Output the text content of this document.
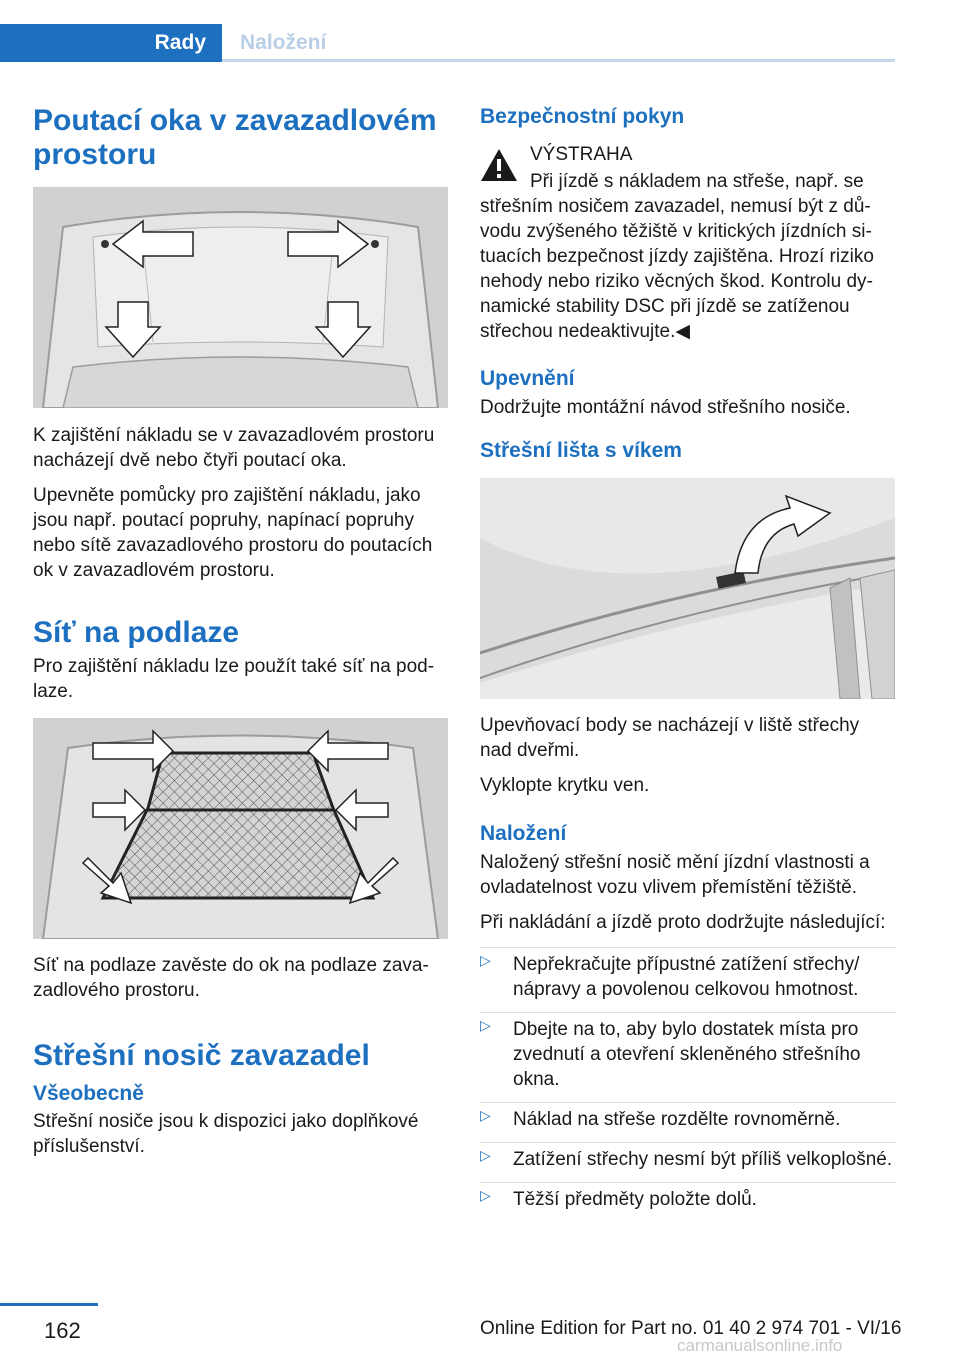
Rady	Naložení
Poutací oka v zavazadlovém prostoru

K zajištění nákladu se v zavazadlovém prostoru nacházejí dvě nebo čtyři poutací oka.

Upevněte pomůcky pro zajištění nákladu, jako jsou např. poutací popruhy, napínací popruhy nebo sítě zavazadlového prostoru do poutacích ok v zavazadlovém prostoru.

Síť na podlaze

Pro zajištění nákladu lze použít také síť na podlaze.

Síť na podlaze zavěste do ok na podlaze zavazadlového prostoru.

Střešní nosič zavazadel
Všeobecně

Střešní nosiče jsou k dispozici jako doplňkové příslušenství.

Bezpečnostní pokyn

VÝSTRAHA

Při jízdě s nákladem na střeše, např. se

střešním nosičem zavazadel, nemusí být z důvodu zvýšeného těžiště v kritických jízdních situacích bezpečnost jízdy zajištěna. Hrozí riziko nehody nebo riziko věcných škod. Kontrolu dynamické stability DSC při jízdě se zatíženou střechou nedeaktivujte.◀

Upevnění

Dodržujte montážní návod střešního nosiče.

Střešní lišta s víkem

Upevňovací body se nacházejí v liště střechy nad dveřmi.

Vyklopte krytku ven.

Naložení

Naložený střešní nosič mění jízdní vlastnosti a ovladatelnost vozu vlivem přemístění těžiště.

Při nakládání a jízdě proto dodržujte následující:

▷ Nepřekračujte přípustné zatížení střechy/ nápravy a povolenou celkovou hmotnost.
▷ Dbejte na to, aby bylo dostatek místa pro zvednutí a otevření skleněného střešního okna.
▷ Náklad na střeše rozdělte rovnoměrně.
▷ Zatížení střechy nesmí být příliš velkoplošné.
▷ Těžší předměty položte dolů.
162	Online Edition for Part no. 01 40 2 974 701 - VI/16
carmanualsonline.info
